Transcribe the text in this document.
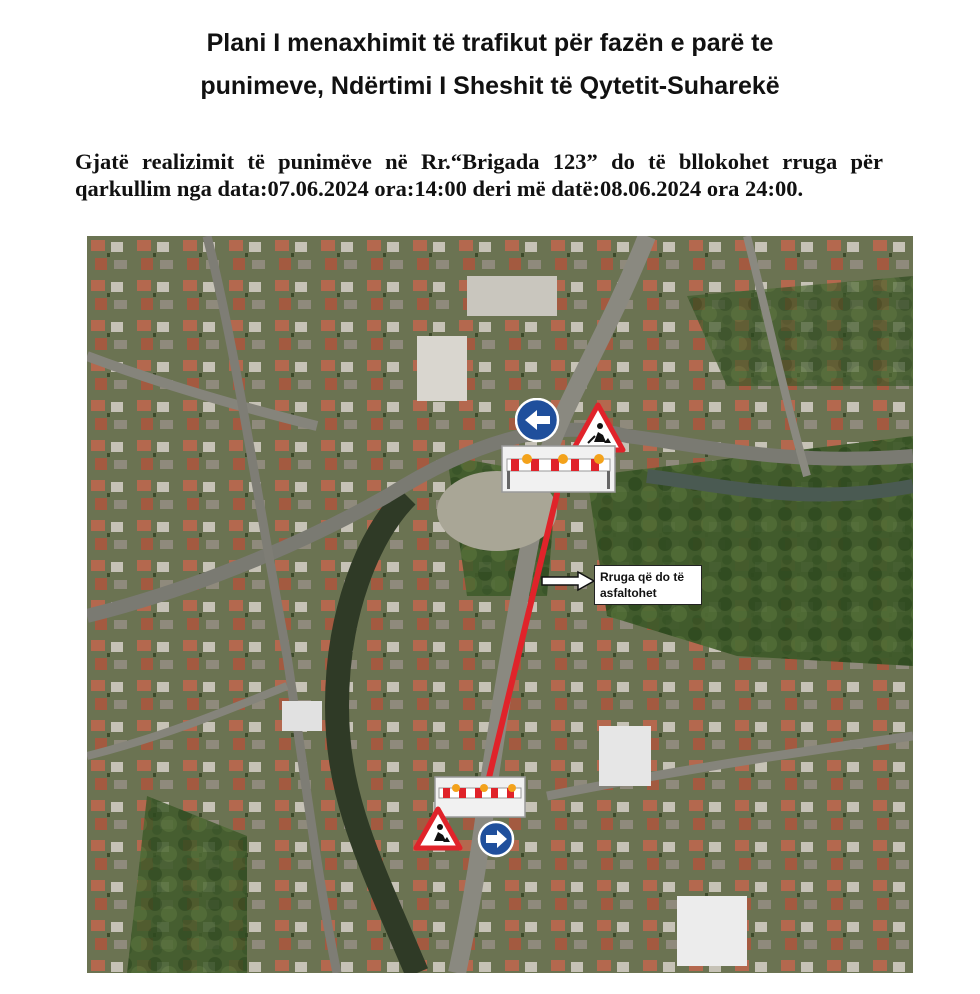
Plani I menaxhimit të trafikut për fazën e parë te
punimeve, Ndërtimi I Sheshit të Qytetit-Suharekë
Gjatë realizimit të punimëve në Rr.“Brigada 123” do të bllokohet rruga për qarkullim nga data:07.06.2024 ora:14:00 deri më datë:08.06.2024 ora 24:00.
Rruga që do të asfaltohet
